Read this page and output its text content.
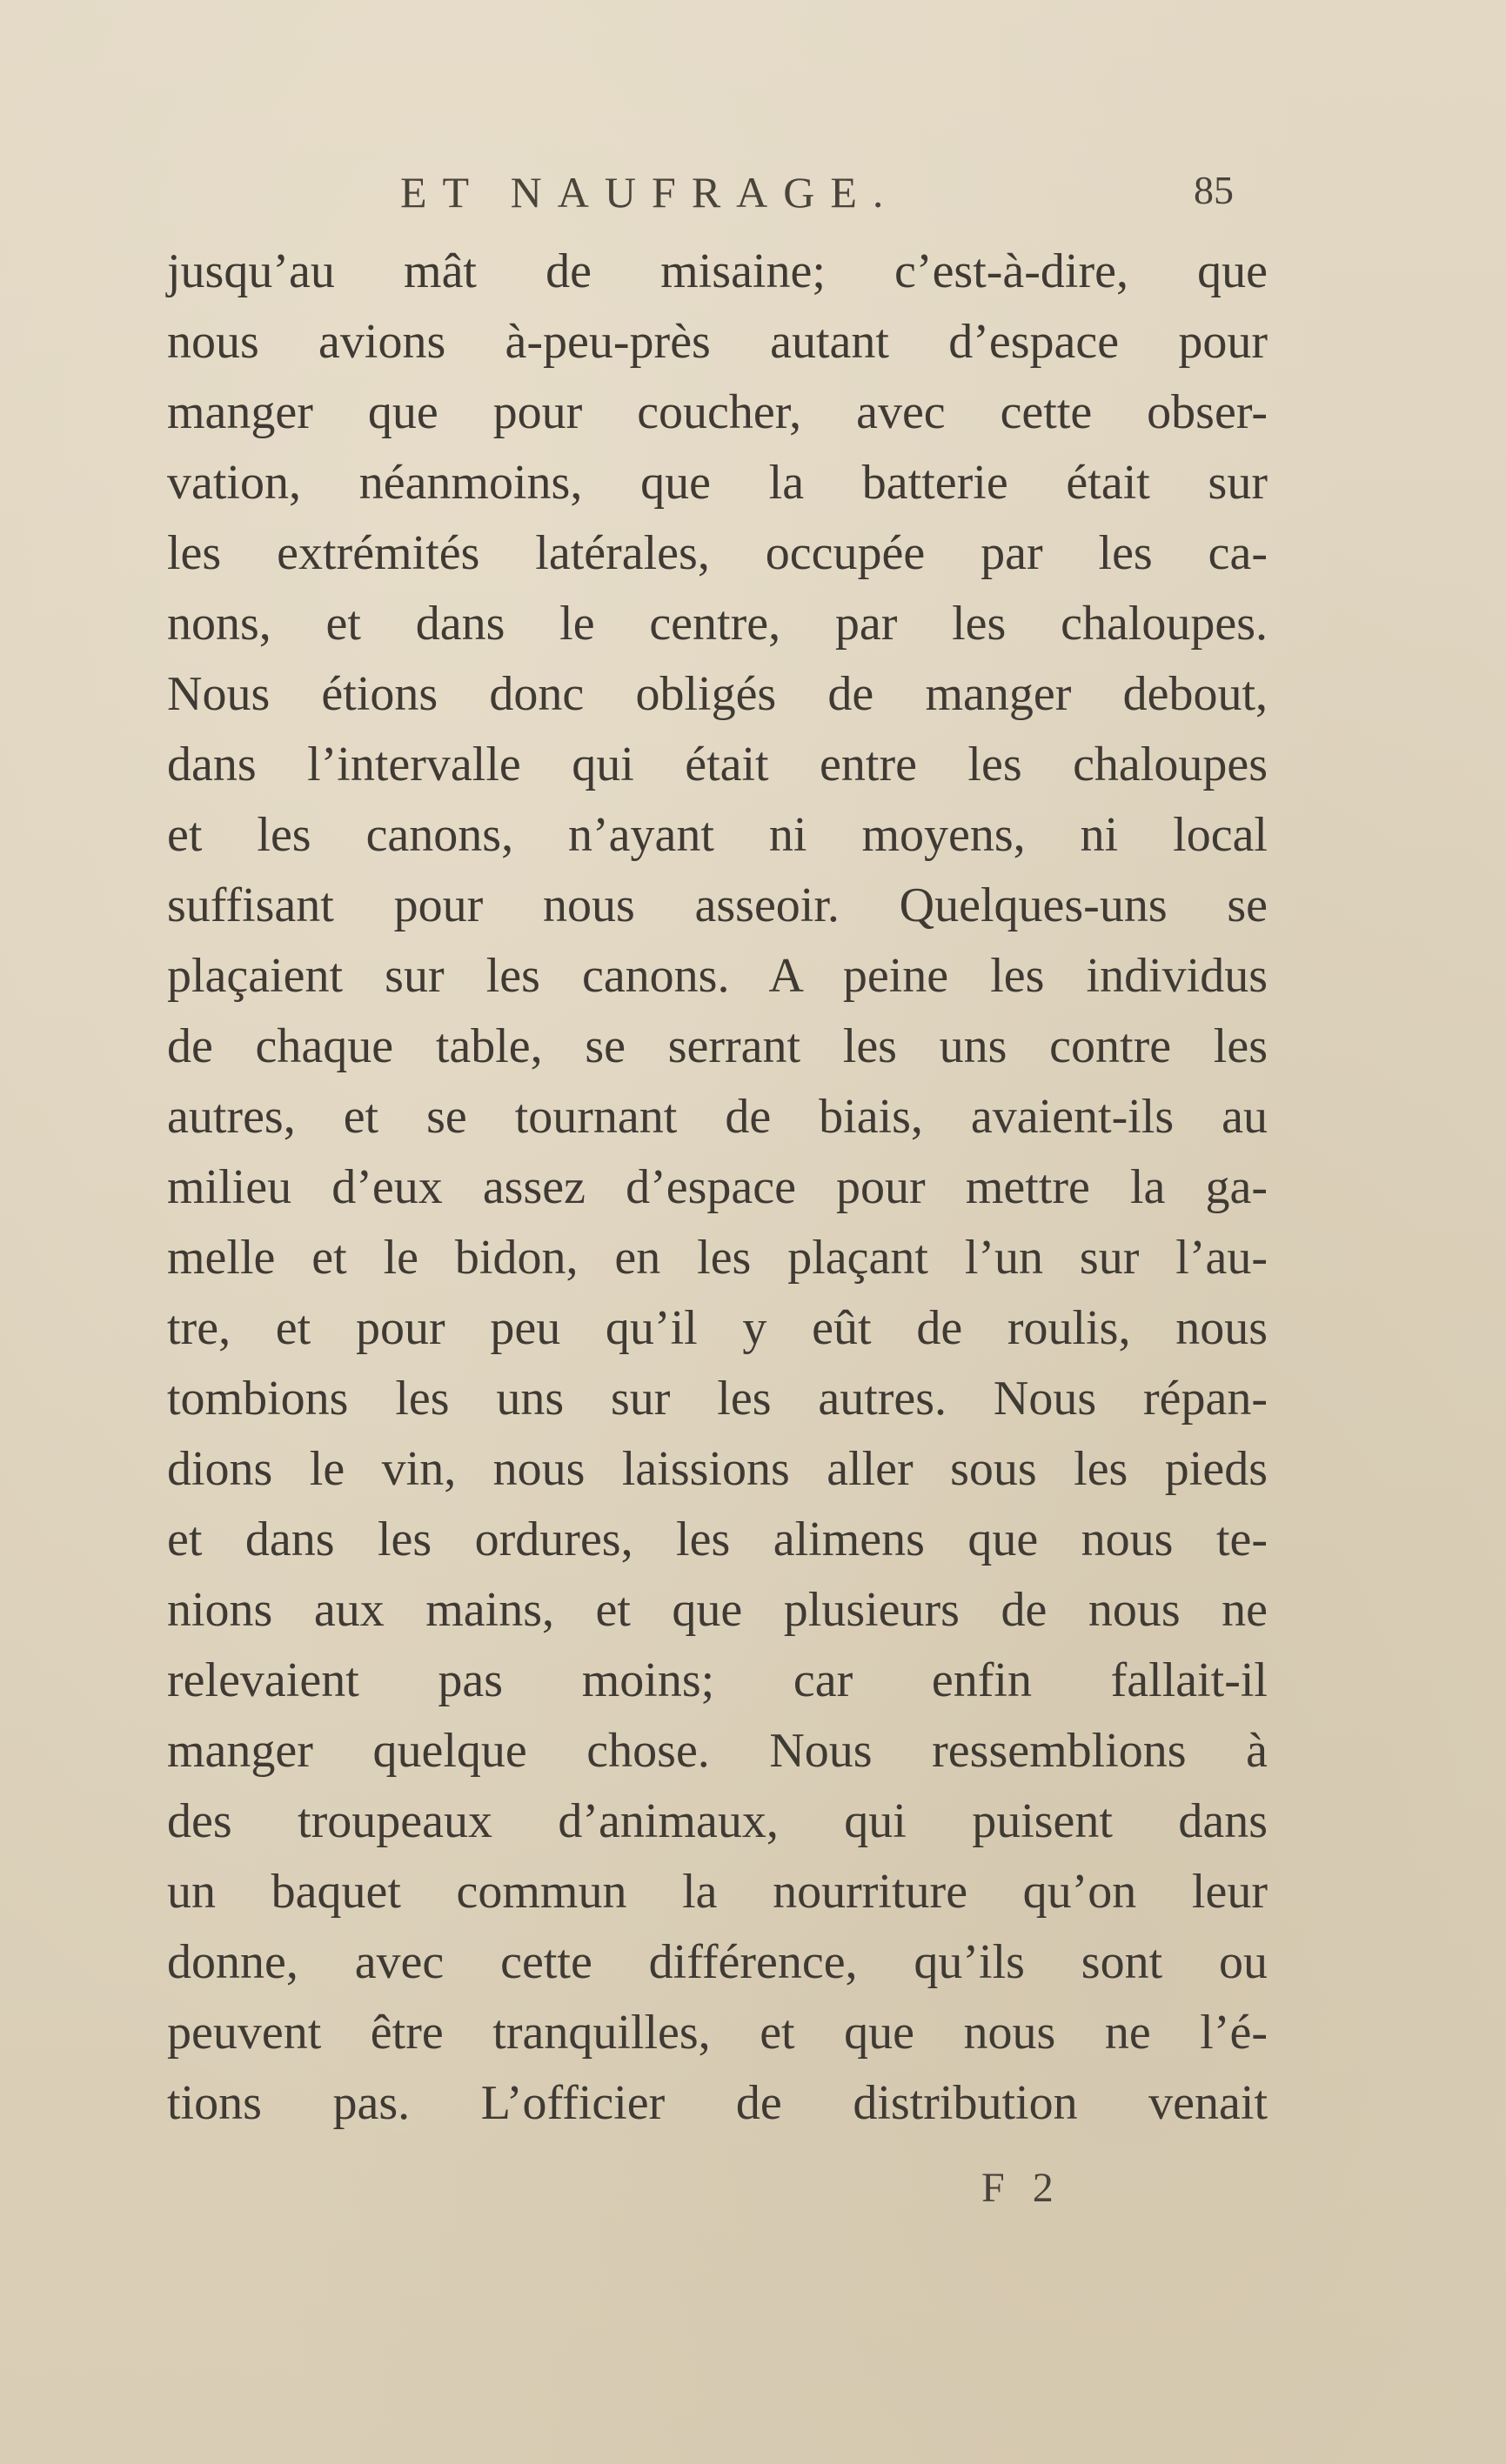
ET NAUFRAGE.	85
jusqu’au mât de misaine; c’est-à-dire, que
nous avions à-peu-près autant d’espace pour
manger que pour coucher, avec cette obser-
vation, néanmoins, que la batterie était sur
les extrémités latérales, occupée par les ca-
nons, et dans le centre, par les chaloupes.
Nous étions donc obligés de manger debout,
dans l’intervalle qui était entre les chaloupes
et les canons, n’ayant ni moyens, ni local
suffisant pour nous asseoir. Quelques-uns se
plaçaient sur les canons. A peine les individus
de chaque table, se serrant les uns contre les
autres, et se tournant de biais, avaient-ils au
milieu d’eux assez d’espace pour mettre la ga-
melle et le bidon, en les plaçant l’un sur l’au-
tre, et pour peu qu’il y eût de roulis, nous
tombions les uns sur les autres. Nous répan-
dions le vin, nous laissions aller sous les pieds
et dans les ordures, les alimens que nous te-
nions aux mains, et que plusieurs de nous ne
relevaient pas moins; car enfin fallait-il
manger quelque chose. Nous ressemblions à
des troupeaux d’animaux, qui puisent dans
un baquet commun la nourriture qu’on leur
donne, avec cette différence, qu’ils sont ou
peuvent être tranquilles, et que nous ne l’é-
tions pas. L’officier de distribution venait
F 2
